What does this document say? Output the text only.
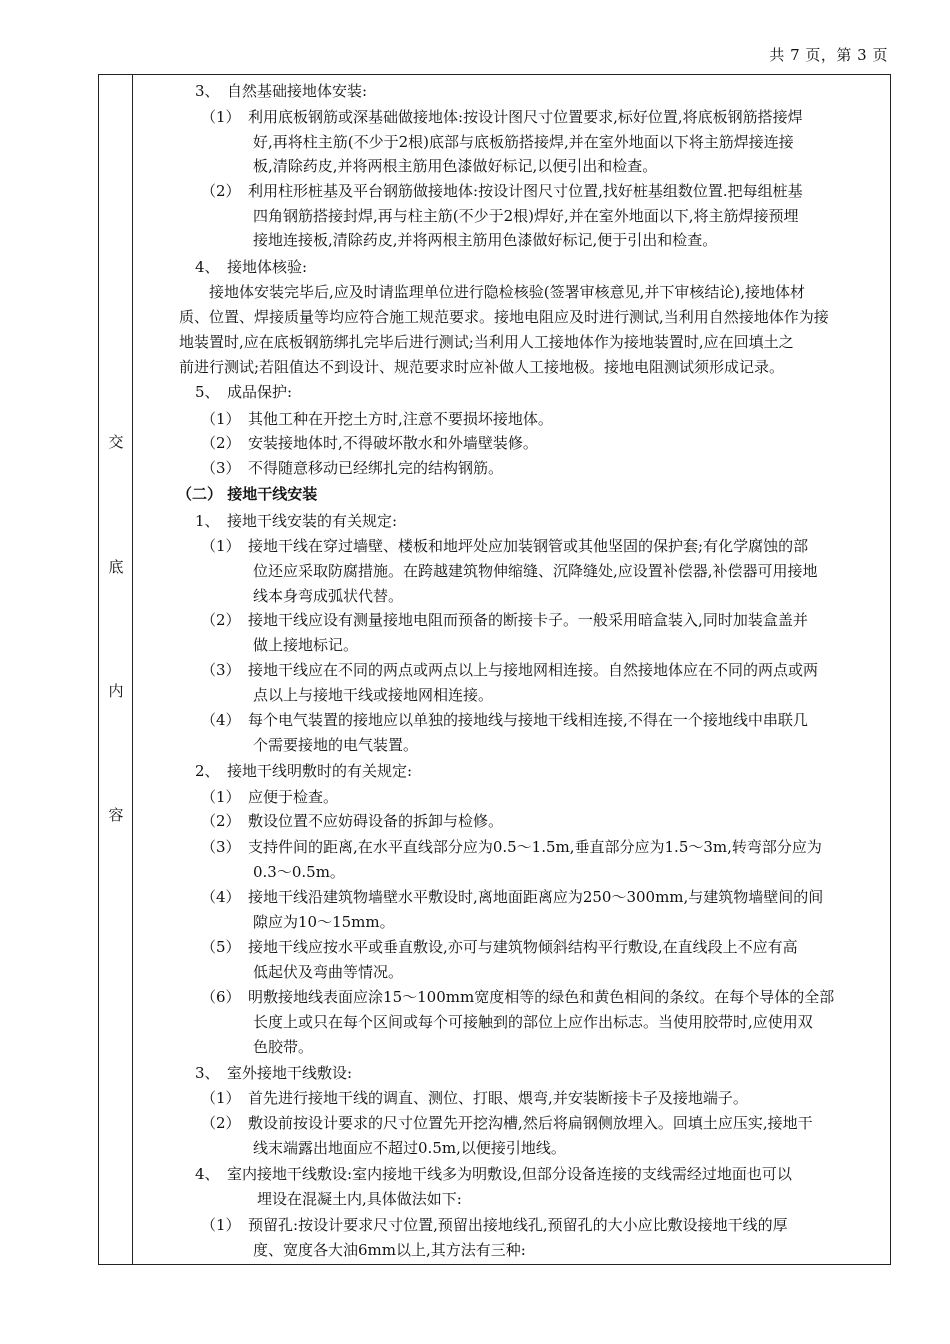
共 7 页，第 3 页
交
底
内
容
3、　自然基础接地体安装:
（1）　利用底板钢筋或深基础做接地体:按设计图尺寸位置要求,标好位置,将底板钢筋搭接焊
好,再将柱主筋(不少于2根)底部与底板筋搭接焊,并在室外地面以下将主筋焊接连接
板,清除药皮,并将两根主筋用色漆做好标记,以便引出和检查。
（2）　利用柱形桩基及平台钢筋做接地体:按设计图尺寸位置,找好桩基组数位置.把每组桩基
四角钢筋搭接封焊,再与柱主筋(不少于2根)焊好,并在室外地面以下,将主筋焊接预埋
接地连接板,清除药皮,并将两根主筋用色漆做好标记,便于引出和检查。
4、　接地体核验:
接地体安装完毕后,应及时请监理单位进行隐检核验(签署审核意见,并下审核结论),接地体材
质、位置、焊接质量等均应符合施工规范要求。接地电阻应及时进行测试,当利用自然接地体作为接
地装置时,应在底板钢筋绑扎完毕后进行测试;当利用人工接地体作为接地装置时,应在回填土之
前进行测试;若阻值达不到设计、规范要求时应补做人工接地极。接地电阻测试须形成记录。
5、　成品保护:
（1）　其他工种在开挖土方时,注意不要损坏接地体。
（2）　安装接地体时,不得破坏散水和外墙壁装修。
（3）　不得随意移动已经绑扎完的结构钢筋。
（二） 接地干线安装
1、　接地干线安装的有关规定:
（1）　接地干线在穿过墙壁、楼板和地坪处应加装钢管或其他坚固的保护套;有化学腐蚀的部
位还应采取防腐措施。在跨越建筑物伸缩缝、沉降缝处,应设置补偿器,补偿器可用接地
线本身弯成弧状代替。
（2）　接地干线应设有测量接地电阻而预备的断接卡子。一般采用暗盒装入,同时加装盒盖并
做上接地标记。
（3）　接地干线应在不同的两点或两点以上与接地网相连接。自然接地体应在不同的两点或两
点以上与接地干线或接地网相连接。
（4）　每个电气装置的接地应以单独的接地线与接地干线相连接,不得在一个接地线中串联几
个需要接地的电气装置。
2、　接地干线明敷时的有关规定:
（1）　应便于检查。
（2）　敷设位置不应妨碍设备的拆卸与检修。
（3）　支持件间的距离,在水平直线部分应为0.5～1.5m,垂直部分应为1.5～3m,转弯部分应为
0.3～0.5m。
（4）　接地干线沿建筑物墙壁水平敷设时,离地面距离应为250～300mm,与建筑物墙壁间的间
隙应为10～15mm。
（5）　接地干线应按水平或垂直敷设,亦可与建筑物倾斜结构平行敷设,在直线段上不应有高
低起伏及弯曲等情况。
（6）　明敷接地线表面应涂15～100mm宽度相等的绿色和黄色相间的条纹。在每个导体的全部
长度上或只在每个区间或每个可接触到的部位上应作出标志。当使用胶带时,应使用双
色胶带。
3、　室外接地干线敷设:
（1）　首先进行接地干线的调直、测位、打眼、煨弯,并安装断接卡子及接地端子。
（2）　敷设前按设计要求的尺寸位置先开挖沟槽,然后将扁钢侧放埋入。回填土应压实,接地干
线末端露出地面应不超过0.5m,以便接引地线。
4、　室内接地干线敷设:室内接地干线多为明敷设,但部分设备连接的支线需经过地面也可以
埋设在混凝土内,具体做法如下:
（1）　预留孔:按设计要求尺寸位置,预留出接地线孔,预留孔的大小应比敷设接地干线的厚
度、宽度各大油6mm以上,其方法有三种:
